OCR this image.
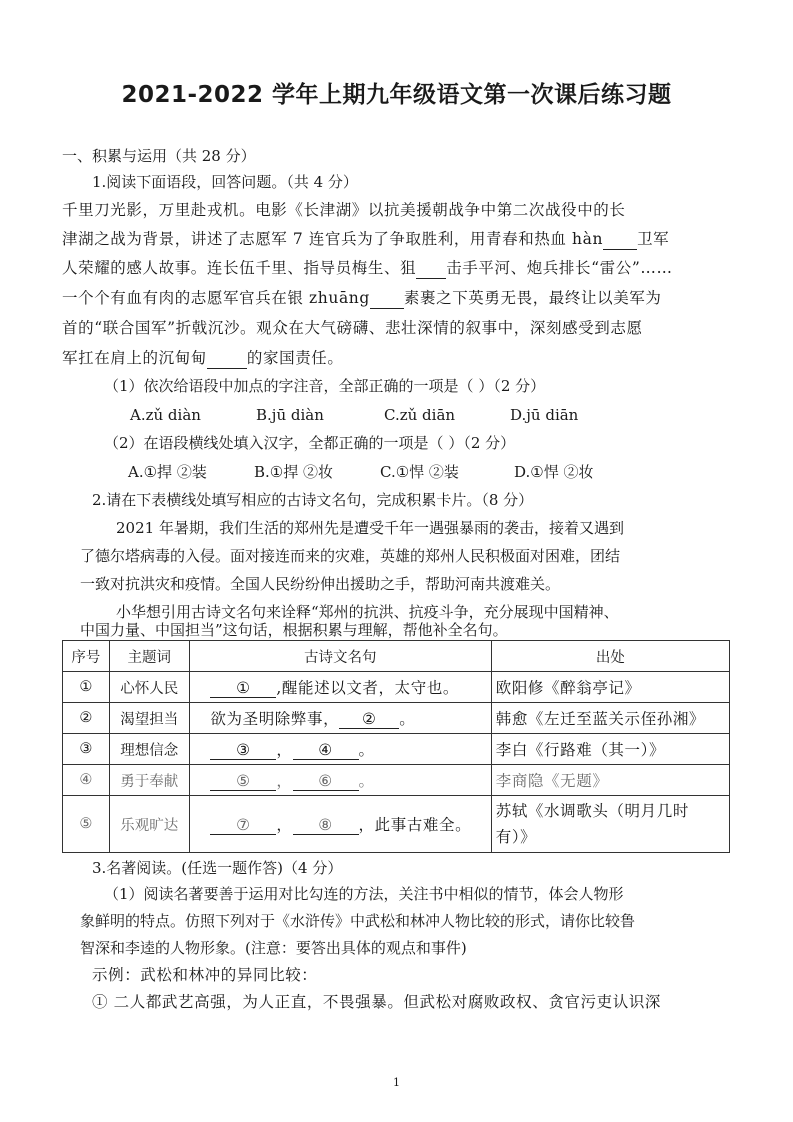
2021-2022 学年上期九年级语文第一次课后练习题
一、积累与运用（共 28 分）
1.阅读下面语段，回答问题。（共 4 分）
千里刀光影，万里赴戎机。电影《长津湖》以抗美援朝战争中第二次战役中的长
津湖之战为背景，讲述了志愿军 7 连官兵为了争取胜利，用青春和热血 hàn 卫军
人荣耀的感人故事。连长伍千里、指导员梅生、狙 击手平河、炮兵排长“雷公”……
一个个有血有肉的志愿军官兵在银 zhuāng 素裹之下英勇无畏，最终让以美军为
首的“联合国军”折戟沉沙。观众在大气磅礴、悲壮深情的叙事中，深刻感受到志愿
军扛在肩上的沉甸甸	的家国责任。
（1）依次给语段中加点的字注音，全部正确的一项是（ ）（2 分）
A.zǔ diàn	B.jū diàn	C.zǔ diān	D.jū diān
（2）在语段横线处填入汉字，全都正确的一项是（ ）（2 分）
A.①捍 ②装	B.①捍 ②妆	C.①悍 ②装	D.①悍 ②妆
2.请在下表横线处填写相应的古诗文名句，完成积累卡片。（8 分）
2021 年暑期，我们生活的郑州先是遭受千年一遇强暴雨的袭击，接着又遇到
了德尔塔病毒的入侵。面对接连而来的灾难，英雄的郑州人民积极面对困难，团结
一致对抗洪灾和疫情。全国人民纷纷伸出援助之手，帮助河南共渡难关。
小华想引用古诗文名句来诠释“郑州的抗洪、抗疫斗争，充分展现中国精神、
中国力量、中国担当”这句话，根据积累与理解，帮他补全名句。
序号	主题词	古诗文名句	出处
①	心怀人民	① ,醒能述以文者，太守也。	欧阳修《醉翁亭记》
②	渴望担当	欲为圣明除弊事， ② 。	韩愈《左迁至蓝关示侄孙湘》
③	理想信念	③ ， ④ 。	李白《行路难（其一）》
④	勇于奉献	⑤ ， ⑥ 。	李商隐《无题》
⑤	乐观旷达	⑦ ， ⑧ ，此事古难全。	苏轼《水调歌头（明月几时
有）》
3.名著阅读。(任选一题作答)（4 分）
（1）阅读名著要善于运用对比勾连的方法，关注书中相似的情节，体会人物形
象鲜明的特点。仿照下列对于《水浒传》中武松和林冲人物比较的形式，请你比较鲁
智深和李逵的人物形象。(注意：要答出具体的观点和事件)
示例：武松和林冲的异同比较：
① 二人都武艺高强，为人正直，不畏强暴。但武松对腐败政权、贪官污吏认识深
1
